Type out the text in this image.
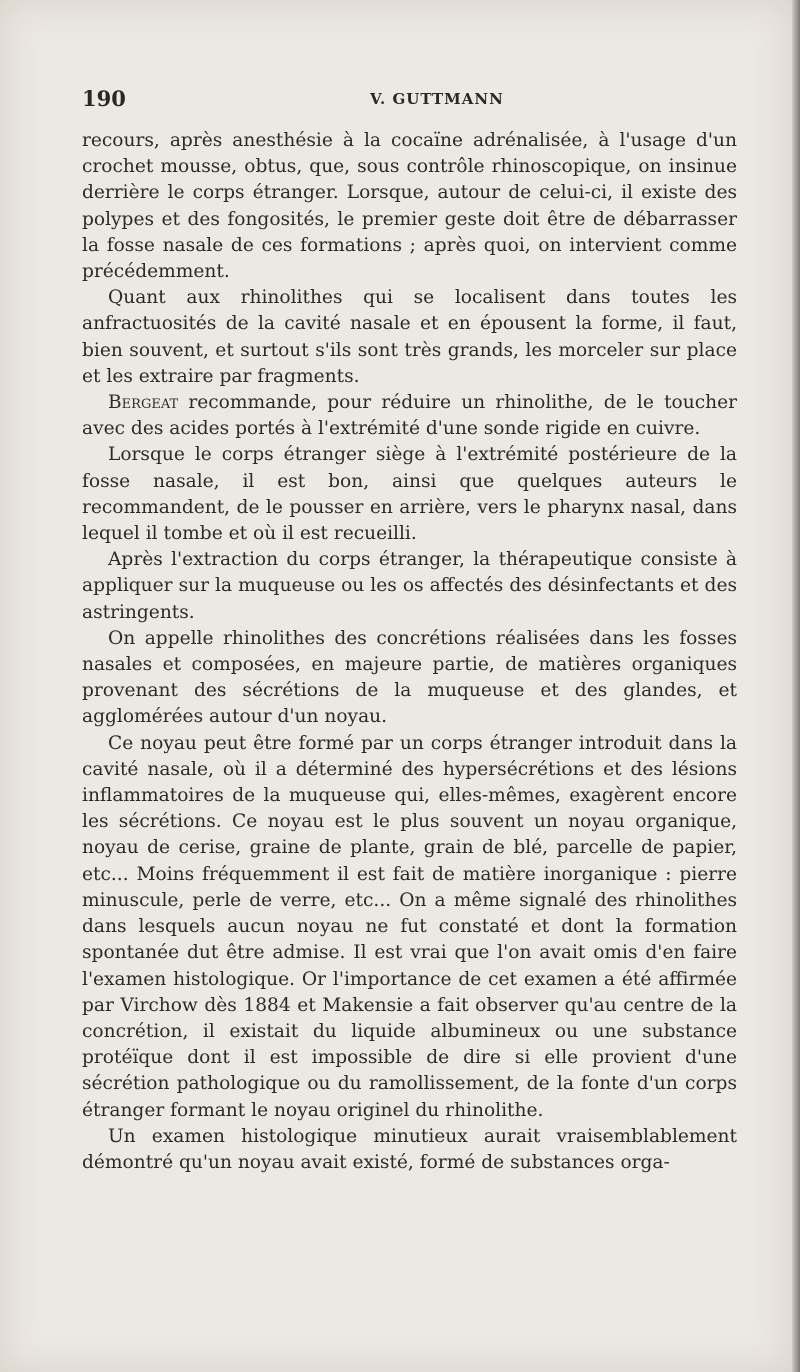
190	V. GUTTMANN

recours, après anesthésie à la cocaïne adrénalisée, à l'usage d'un crochet mousse, obtus, que, sous contrôle rhinoscopique, on insinue derrière le corps étranger. Lorsque, autour de celui-ci, il existe des polypes et des fongosités, le premier geste doit être de débarrasser la fosse nasale de ces formations ; après quoi, on intervient comme précédemment.

Quant aux rhinolithes qui se localisent dans toutes les anfractuosités de la cavité nasale et en épousent la forme, il faut, bien souvent, et surtout s'ils sont très grands, les morceler sur place et les extraire par fragments.

Bergeat recommande, pour réduire un rhinolithe, de le toucher avec des acides portés à l'extrémité d'une sonde rigide en cuivre.

Lorsque le corps étranger siège à l'extrémité postérieure de la fosse nasale, il est bon, ainsi que quelques auteurs le recommandent, de le pousser en arrière, vers le pharynx nasal, dans lequel il tombe et où il est recueilli.

Après l'extraction du corps étranger, la thérapeutique consiste à appliquer sur la muqueuse ou les os affectés des désinfectants et des astringents.

On appelle rhinolithes des concrétions réalisées dans les fosses nasales et composées, en majeure partie, de matières organiques provenant des sécrétions de la muqueuse et des glandes, et agglomérées autour d'un noyau.

Ce noyau peut être formé par un corps étranger introduit dans la cavité nasale, où il a déterminé des hypersécrétions et des lésions inflammatoires de la muqueuse qui, elles-mêmes, exagèrent encore les sécrétions. Ce noyau est le plus souvent un noyau organique, noyau de cerise, graine de plante, grain de blé, parcelle de papier, etc... Moins fréquemment il est fait de matière inorganique : pierre minuscule, perle de verre, etc... On a même signalé des rhinolithes dans lesquels aucun noyau ne fut constaté et dont la formation spontanée dut être admise. Il est vrai que l'on avait omis d'en faire l'examen histologique. Or l'importance de cet examen a été affirmée par Virchow dès 1884 et Makensie a fait observer qu'au centre de la concrétion, il existait du liquide albumineux ou une substance protéïque dont il est impossible de dire si elle provient d'une sécrétion pathologique ou du ramollissement, de la fonte d'un corps étranger formant le noyau originel du rhinolithe.

Un examen histologique minutieux aurait vraisemblablement démontré qu'un noyau avait existé, formé de substances orga-
